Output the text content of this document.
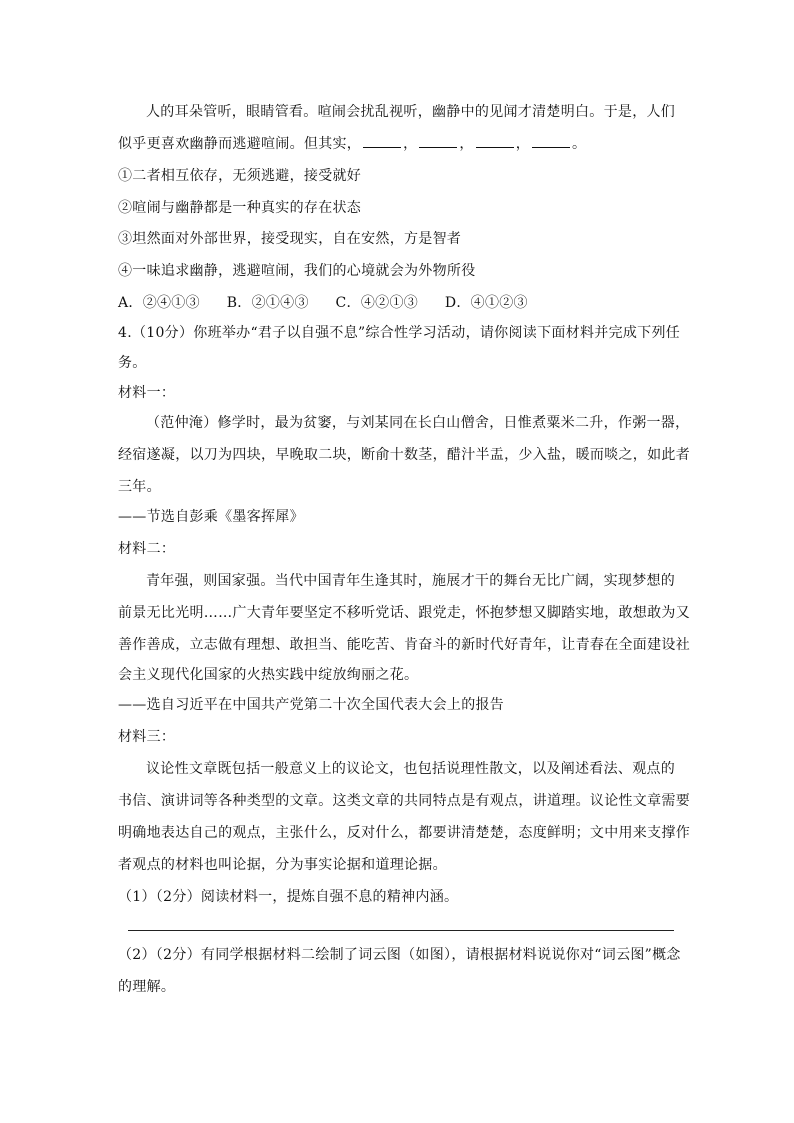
人的耳朵管听，眼睛管看。喧闹会扰乱视听，幽静中的见闻才清楚明白。于是，人们
似乎更喜欢幽静而逃避喧闹。但其实，	，	，	，	。
①二者相互依存，无须逃避，接受就好
②喧闹与幽静都是一种真实的存在状态
③坦然面对外部世界，接受现实，自在安然，方是智者
④一味追求幽静，逃避喧闹，我们的心境就会为外物所役
A．②④①③ B．②①④③ C．④②①③ D．④①②③
4.（10分）你班举办“君子以自强不息”综合性学习活动，请你阅读下面材料并完成下列任
务。
材料一：
（范仲淹）修学时，最为贫窭，与刘某同在长白山僧舍，日惟煮粟米二升，作粥一器，
经宿遂凝，以刀为四块，早晚取二块，断俞十数茎，醋汁半盂，少入盐，暖而啖之，如此者
三年。
——节选自彭乘《墨客挥犀》
材料二：
青年强，则国家强。当代中国青年生逢其时，施展才干的舞台无比广阔，实现梦想的
前景无比光明……广大青年要坚定不移听党话、跟党走，怀抱梦想又脚踏实地，敢想敢为又
善作善成，立志做有理想、敢担当、能吃苦、肯奋斗的新时代好青年，让青春在全面建设社
会主义现代化国家的火热实践中绽放绚丽之花。
——选自习近平在中国共产党第二十次全国代表大会上的报告
材料三：
议论性文章既包括一般意义上的议论文，也包括说理性散文，以及阐述看法、观点的
书信、演讲词等各种类型的文章。这类文章的共同特点是有观点，讲道理。议论性文章需要
明确地表达自己的观点，主张什么，反对什么，都要讲清楚楚，态度鲜明；文中用来支撑作
者观点的材料也叫论据，分为事实论据和道理论据。
（1）（2分）阅读材料一，提炼自强不息的精神内涵。
（2）（2分）有同学根据材料二绘制了词云图（如图），请根据材料说说你对“词云图”概念
的理解。
